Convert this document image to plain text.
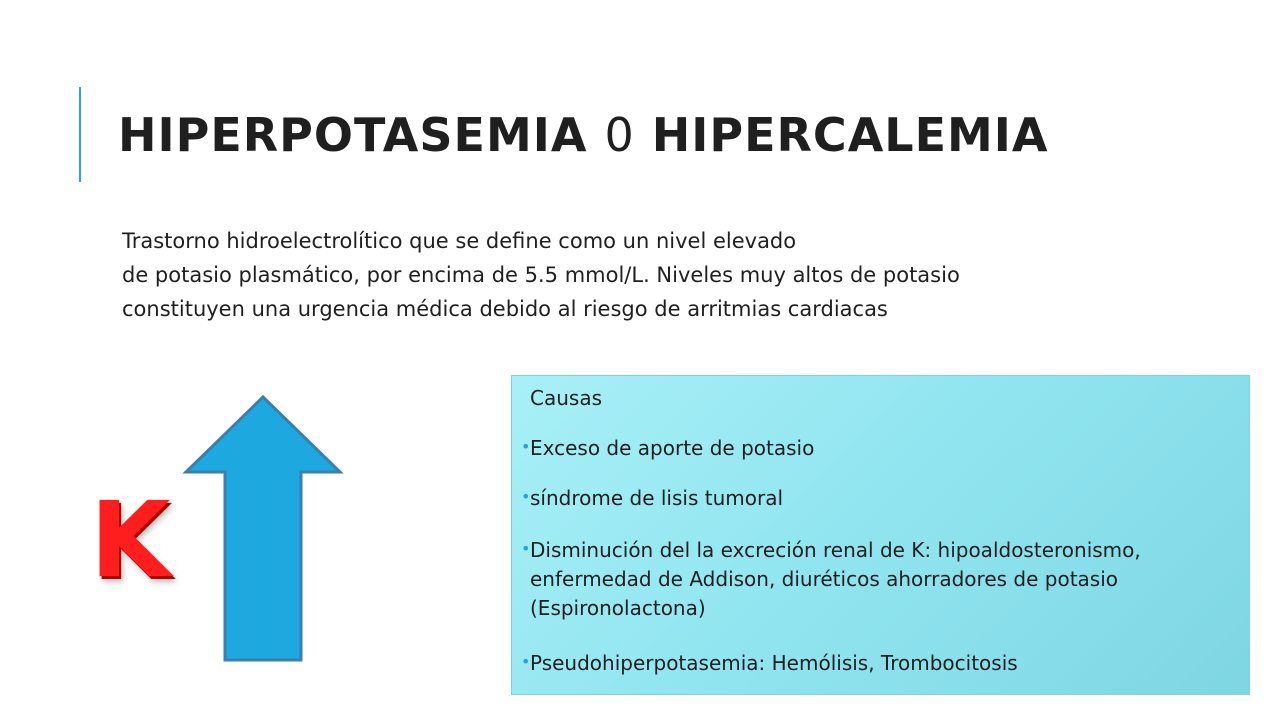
HIPERPOTASEMIA 0 HIPERCALEMIA
Trastorno hidroelectrolítico que se define como un nivel elevado
de potasio plasmático, por encima de 5.5 mmol/L. Niveles muy altos de potasio
constituyen una urgencia médica debido al riesgo de arritmias cardiacas
K
Causas
• Exceso de aporte de potasio
• síndrome de lisis tumoral
• Disminución del la excreción renal de K: hipoaldosteronismo, enfermedad de Addison, diuréticos ahorradores de potasio (Espironolactona)
• Pseudohiperpotasemia: Hemólisis, Trombocitosis
